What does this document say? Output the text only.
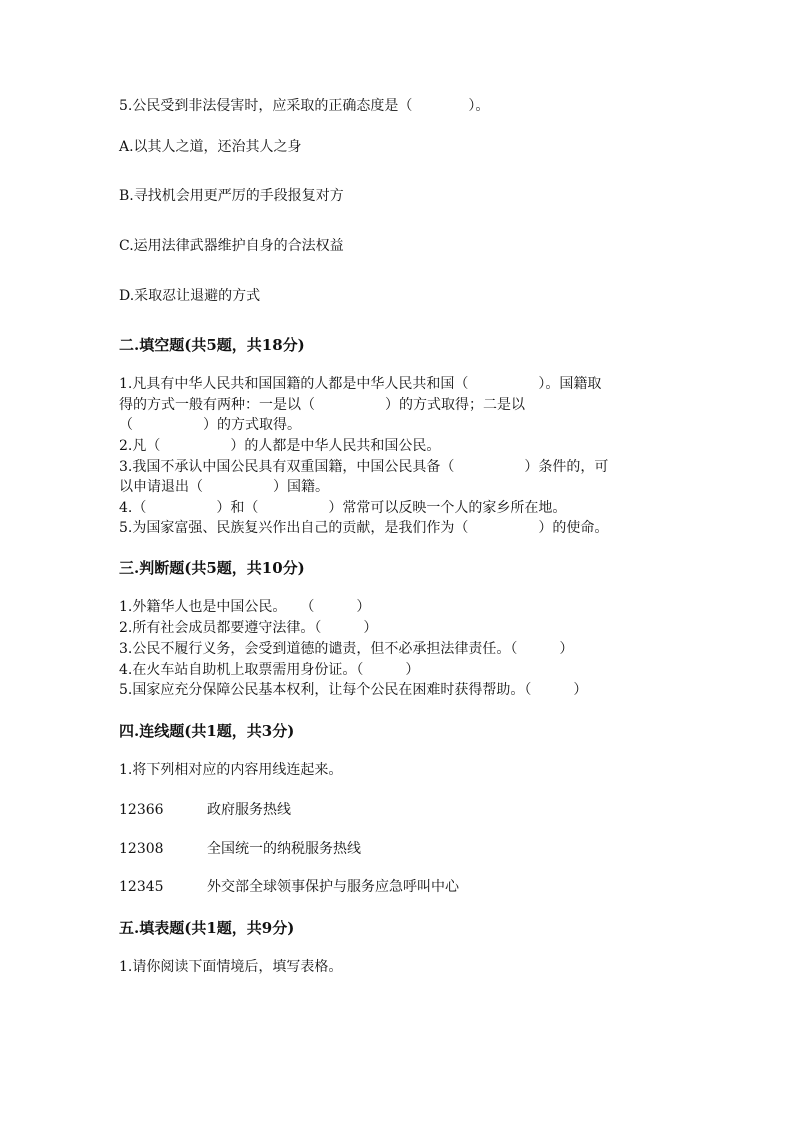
5.公民受到非法侵害时，应采取的正确态度是（　　　　）。
A.以其人之道，还治其人之身
B.寻找机会用更严厉的手段报复对方
C.运用法律武器维护自身的合法权益
D.采取忍让退避的方式
二.填空题(共5题，共18分)
1.凡具有中华人民共和国国籍的人都是中华人民共和国（　　　　　）。国籍取
得的方式一般有两种：一是以（　　　　　）的方式取得；二是以
（　　　　　）的方式取得。
2.凡（　　　　　）的人都是中华人民共和国公民。
3.我国不承认中国公民具有双重国籍，中国公民具备（　　　　　）条件的，可
以申请退出（　　　　　）国籍。
4.（　　　　　）和（　　　　　）常常可以反映一个人的家乡所在地。
5.为国家富强、民族复兴作出自己的贡献，是我们作为（　　　　　）的使命。
三.判断题(共5题，共10分)
1.外籍华人也是中国公民。　　（　　　）
2.所有社会成员都要遵守法律。（　　　）
3.公民不履行义务，会受到道德的谴责，但不必承担法律责任。（　　　）
4.在火车站自助机上取票需用身份证。（　　　）
5.国家应充分保障公民基本权利，让每个公民在困难时获得帮助。（　　　）
四.连线题(共1题，共3分)
1.将下列相对应的内容用线连起来。
12366	政府服务热线
12308	全国统一的纳税服务热线
12345	外交部全球领事保护与服务应急呼叫中心
五.填表题(共1题，共9分)
1.请你阅读下面情境后，填写表格。
